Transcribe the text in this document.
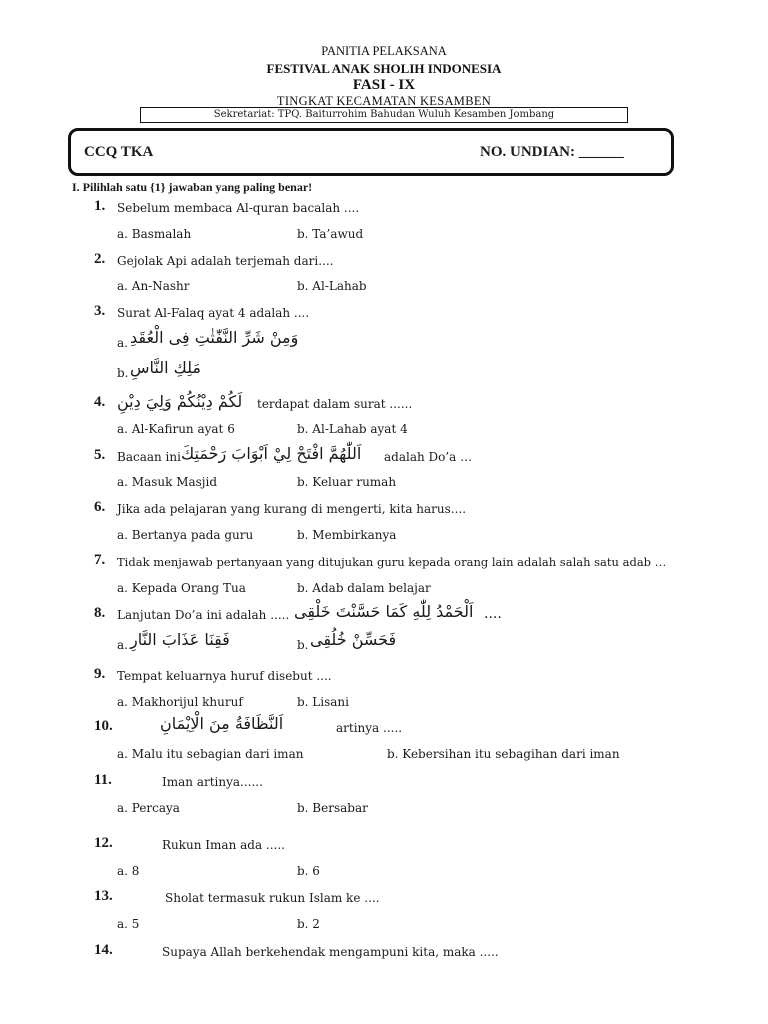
PANITIA PELAKSANA
FESTIVAL ANAK SHOLIH INDONESIA
FASI - IX
TINGKAT KECAMATAN KESAMBEN
Sekretariat: TPQ. Baiturrohim Bahudan Wuluh Kesamben Jombang
CCQ TKA	NO. UNDIAN: ______
I. Pilihlah satu {1} jawaban yang paling benar!
1. Sebelum membaca Al-quran bacalah ....
a. Basmalah	b. Ta’awud
2. Gejolak Api adalah terjemah dari....
a. An-Nashr	b. Al-Lahab
3. Surat Al-Falaq ayat 4 adalah ....
a. وَمِنْ شَرِّ النَّفّٰثٰتِ فِى الْعُقَدِ
b. مَلِكِ النَّاسِ
4. لَكُمْ دِيْنُكُمْ وَلِيَ دِيْنِ terdapat dalam surat ......
a. Al-Kafirun ayat 6	b. Al-Lahab ayat 4
5. Bacaan ini اَللّٰهُمَّ افْتَحْ لِيْ اَبْوَابَ رَحْمَتِكَ adalah Do’a …
a. Masuk Masjid	b. Keluar rumah
6. Jika ada pelajaran yang kurang di mengerti, kita harus....
a. Bertanya pada guru	b. Membirkanya
7. Tidak menjawab pertanyaan yang ditujukan guru kepada orang lain adalah salah satu adab …
a. Kepada Orang Tua	b. Adab dalam belajar
8. Lanjutan Do’a ini adalah ..... اَلْحَمْدُ لِلّٰهِ كَمَا حَسَّنْتَ خَلْقِى ....
a. فَقِنَا عَذَابَ النَّارِ	b. فَحَسِّنْ خُلُقِى
9. Tempat keluarnya huruf disebut ....
a. Makhorijul khuruf	b. Lisani
10.	اَلنَّظَافَةُ مِنَ الْاِيْمَانِ	artinya .....
a. Malu itu sebagian dari iman	b. Kebersihan itu sebagihan dari iman
11.	Iman artinya......
a. Percaya	b. Bersabar
12.	Rukun Iman ada .....
a. 8	b. 6
13.	Sholat termasuk rukun Islam ke ....
a. 5	b. 2
14.	Supaya Allah berkehendak mengampuni kita, maka .....
